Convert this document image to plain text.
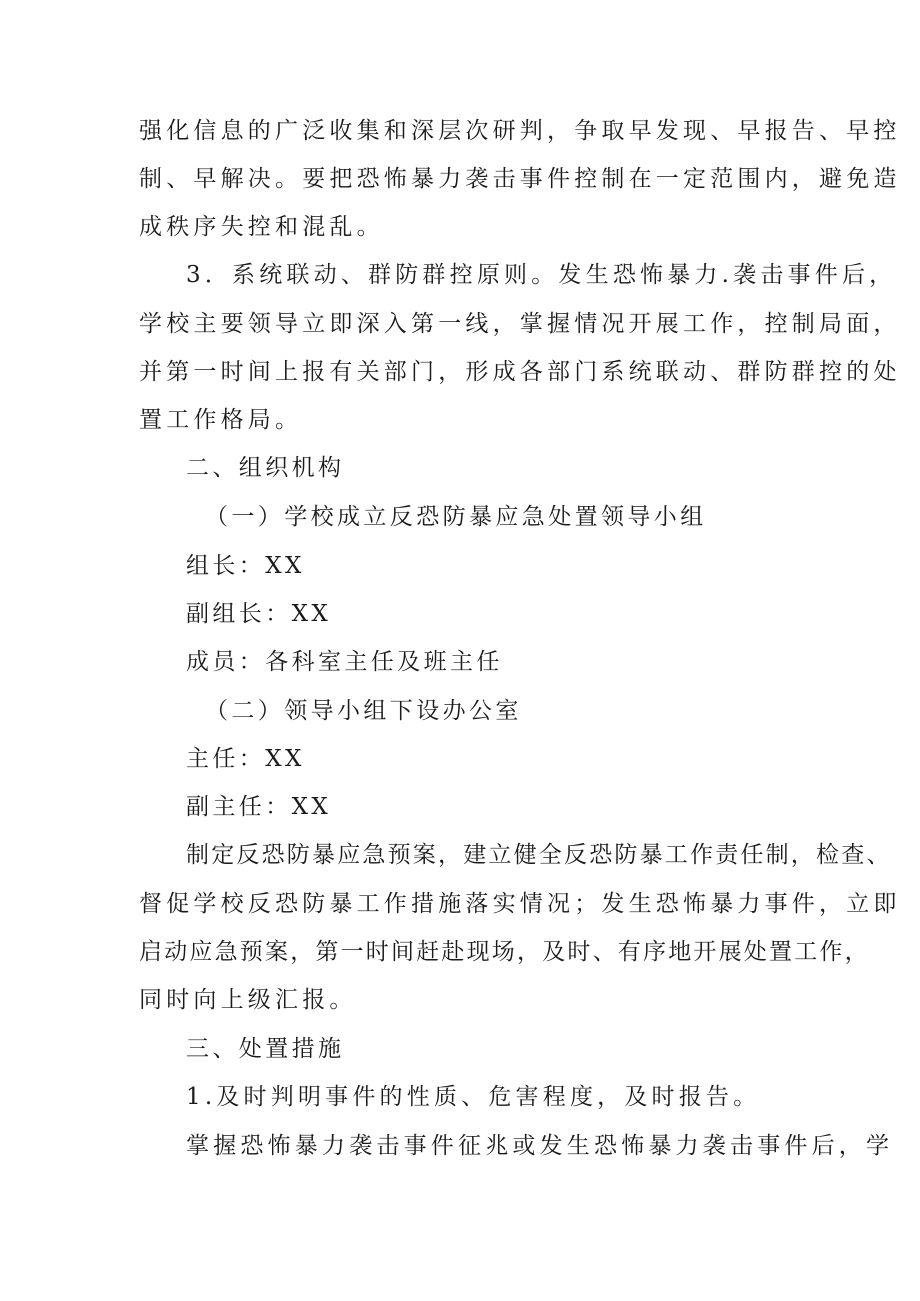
强化信息的广泛收集和深层次研判，争取早发现、早报告、早控
制、早解决。要把恐怖暴力袭击事件控制在一定范围内，避免造
成秩序失控和混乱。
3．系统联动、群防群控原则。发生恐怖暴力.袭击事件后，
学校主要领导立即深入第一线，掌握情况开展工作，控制局面，
并第一时间上报有关部门，形成各部门系统联动、群防群控的处
置工作格局。
二、组织机构
（一）学校成立反恐防暴应急处置领导小组
组长：XX
副组长：XX
成员：各科室主任及班主任
（二）领导小组下设办公室
主任：XX
副主任：XX
制定反恐防暴应急预案，建立健全反恐防暴工作责任制，检查、
督促学校反恐防暴工作措施落实情况；发生恐怖暴力事件，立即
启动应急预案，第一时间赶赴现场，及时、有序地开展处置工作，
同时向上级汇报。
三、处置措施
1.及时判明事件的性质、危害程度，及时报告。
掌握恐怖暴力袭击事件征兆或发生恐怖暴力袭击事件后，学
